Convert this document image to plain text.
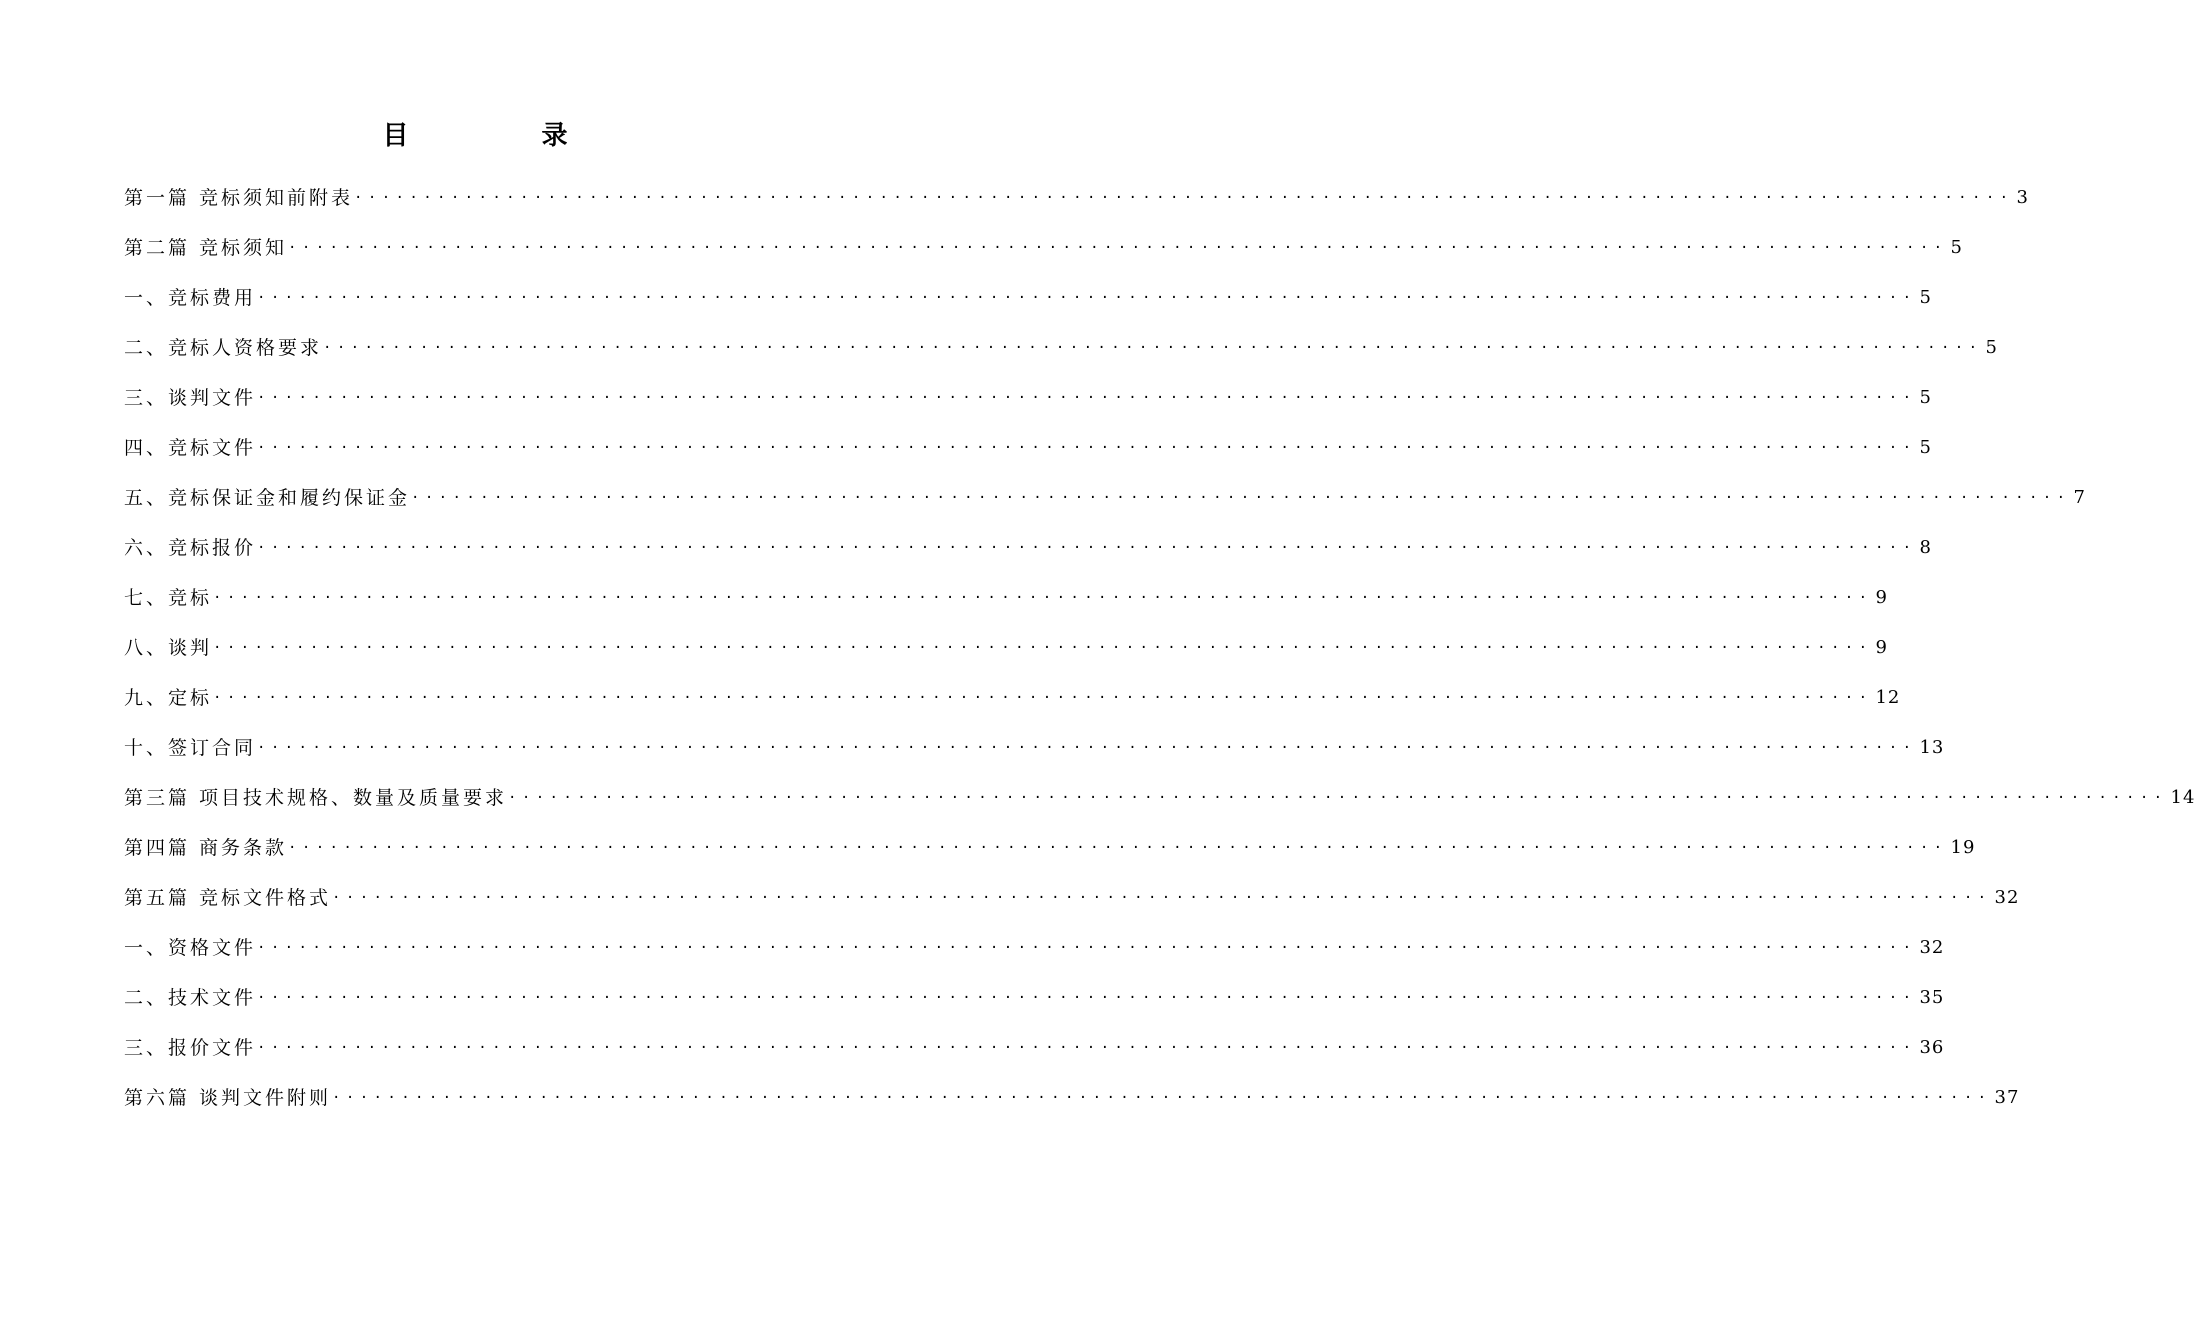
目 录
第一篇 竞标须知前附表 ........................................................................................................................ 3
第二篇 竞标须知 ........................................................................................................................ 5
一、竞标费用 ........................................................................................................................ 5
二、竞标人资格要求 ........................................................................................................................ 5
三、谈判文件 ........................................................................................................................ 5
四、竞标文件 ........................................................................................................................ 5
五、竞标保证金和履约保证金 ........................................................................................................................ 7
六、竞标报价 ........................................................................................................................ 8
七、竞标 ........................................................................................................................ 9
八、谈判 ........................................................................................................................ 9
九、定标 ........................................................................................................................ 12
十、签订合同 ........................................................................................................................ 13
第三篇 项目技术规格、数量及质量要求 ........................................................................................................................ 14
第四篇 商务条款 ........................................................................................................................ 19
第五篇 竞标文件格式 ........................................................................................................................ 32
一、资格文件 ........................................................................................................................ 32
二、技术文件 ........................................................................................................................ 35
三、报价文件 ........................................................................................................................ 36
第六篇 谈判文件附则 ........................................................................................................................ 37
